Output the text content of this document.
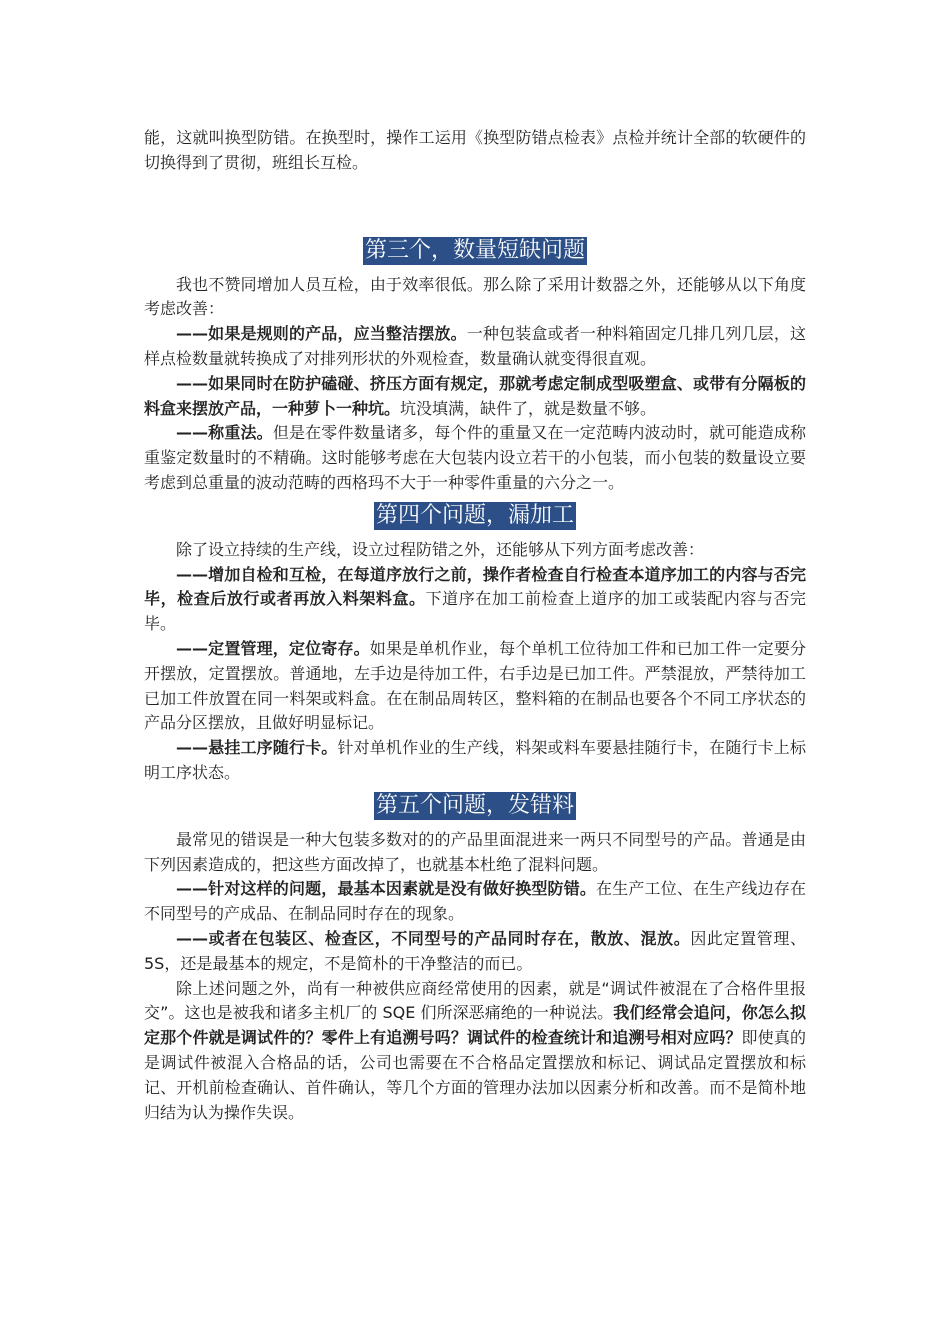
能，这就叫换型防错。在换型时，操作工运用《换型防错点检表》点检并统计全部的软硬件的切换得到了贯彻，班组长互检。

第三个，数量短缺问题

我也不赞同增加人员互检，由于效率很低。那么除了采用计数器之外，还能够从以下角度考虑改善：

——如果是规则的产品，应当整洁摆放。一种包装盒或者一种料箱固定几排几列几层，这样点检数量就转换成了对排列形状的外观检查，数量确认就变得很直观。

——如果同时在防护磕碰、挤压方面有规定，那就考虑定制成型吸塑盒、或带有分隔板的料盒来摆放产品，一种萝卜一种坑。坑没填满，缺件了，就是数量不够。

——称重法。但是在零件数量诸多，每个件的重量又在一定范畴内波动时，就可能造成称重鉴定数量时的不精确。这时能够考虑在大包装内设立若干的小包装，而小包装的数量设立要考虑到总重量的波动范畴的西格玛不大于一种零件重量的六分之一。

第四个问题，漏加工

除了设立持续的生产线，设立过程防错之外，还能够从下列方面考虑改善：

——增加自检和互检，在每道序放行之前，操作者检查自行检查本道序加工的内容与否完毕，检查后放行或者再放入料架料盒。下道序在加工前检查上道序的加工或装配内容与否完毕。

——定置管理，定位寄存。如果是单机作业，每个单机工位待加工件和已加工件一定要分开摆放，定置摆放。普通地，左手边是待加工件，右手边是已加工件。严禁混放，严禁待加工已加工件放置在同一料架或料盒。在在制品周转区，整料箱的在制品也要各个不同工序状态的产品分区摆放，且做好明显标记。

——悬挂工序随行卡。针对单机作业的生产线，料架或料车要悬挂随行卡，在随行卡上标明工序状态。

第五个问题，发错料

最常见的错误是一种大包装多数对的的产品里面混进来一两只不同型号的产品。普通是由下列因素造成的，把这些方面改掉了，也就基本杜绝了混料问题。

——针对这样的问题，最基本因素就是没有做好换型防错。在生产工位、在生产线边存在不同型号的产成品、在制品同时存在的现象。

——或者在包装区、检查区，不同型号的产品同时存在，散放、混放。因此定置管理、5S，还是最基本的规定，不是简朴的干净整洁的而已。

除上述问题之外，尚有一种被供应商经常使用的因素，就是“调试件被混在了合格件里报交”。这也是被我和诸多主机厂的 SQE 们所深恶痛绝的一种说法。我们经常会追问，你怎么拟定那个件就是调试件的？零件上有追溯号吗？调试件的检查统计和追溯号相对应吗？即使真的是调试件被混入合格品的话，公司也需要在不合格品定置摆放和标记、调试品定置摆放和标记、开机前检查确认、首件确认，等几个方面的管理办法加以因素分析和改善。而不是简朴地归结为认为操作失误。
